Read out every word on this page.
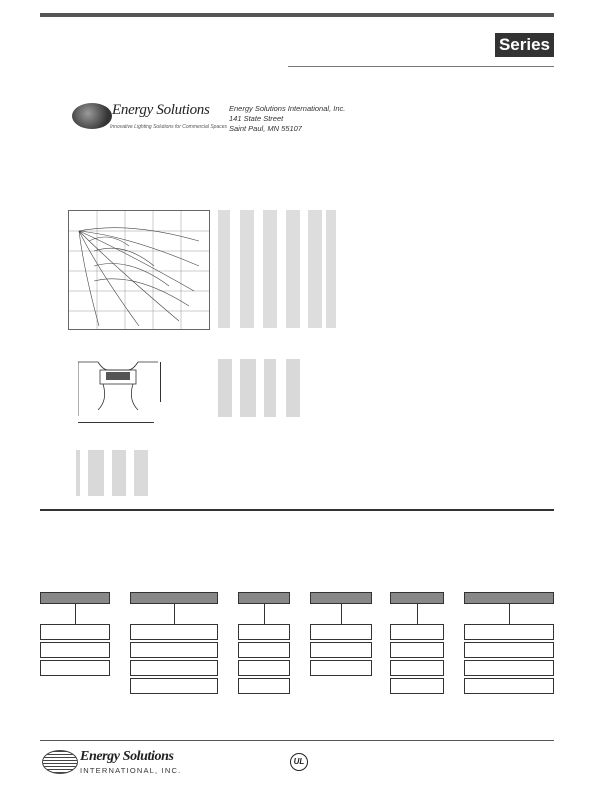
Series
Energy Solutions
Innovative Lighting Solutions for Commercial Spaces
Energy Solutions International, Inc.
141 State Street
Saint Paul, MN 55107
Energy Solutions
INTERNATIONAL, INC.
UL
